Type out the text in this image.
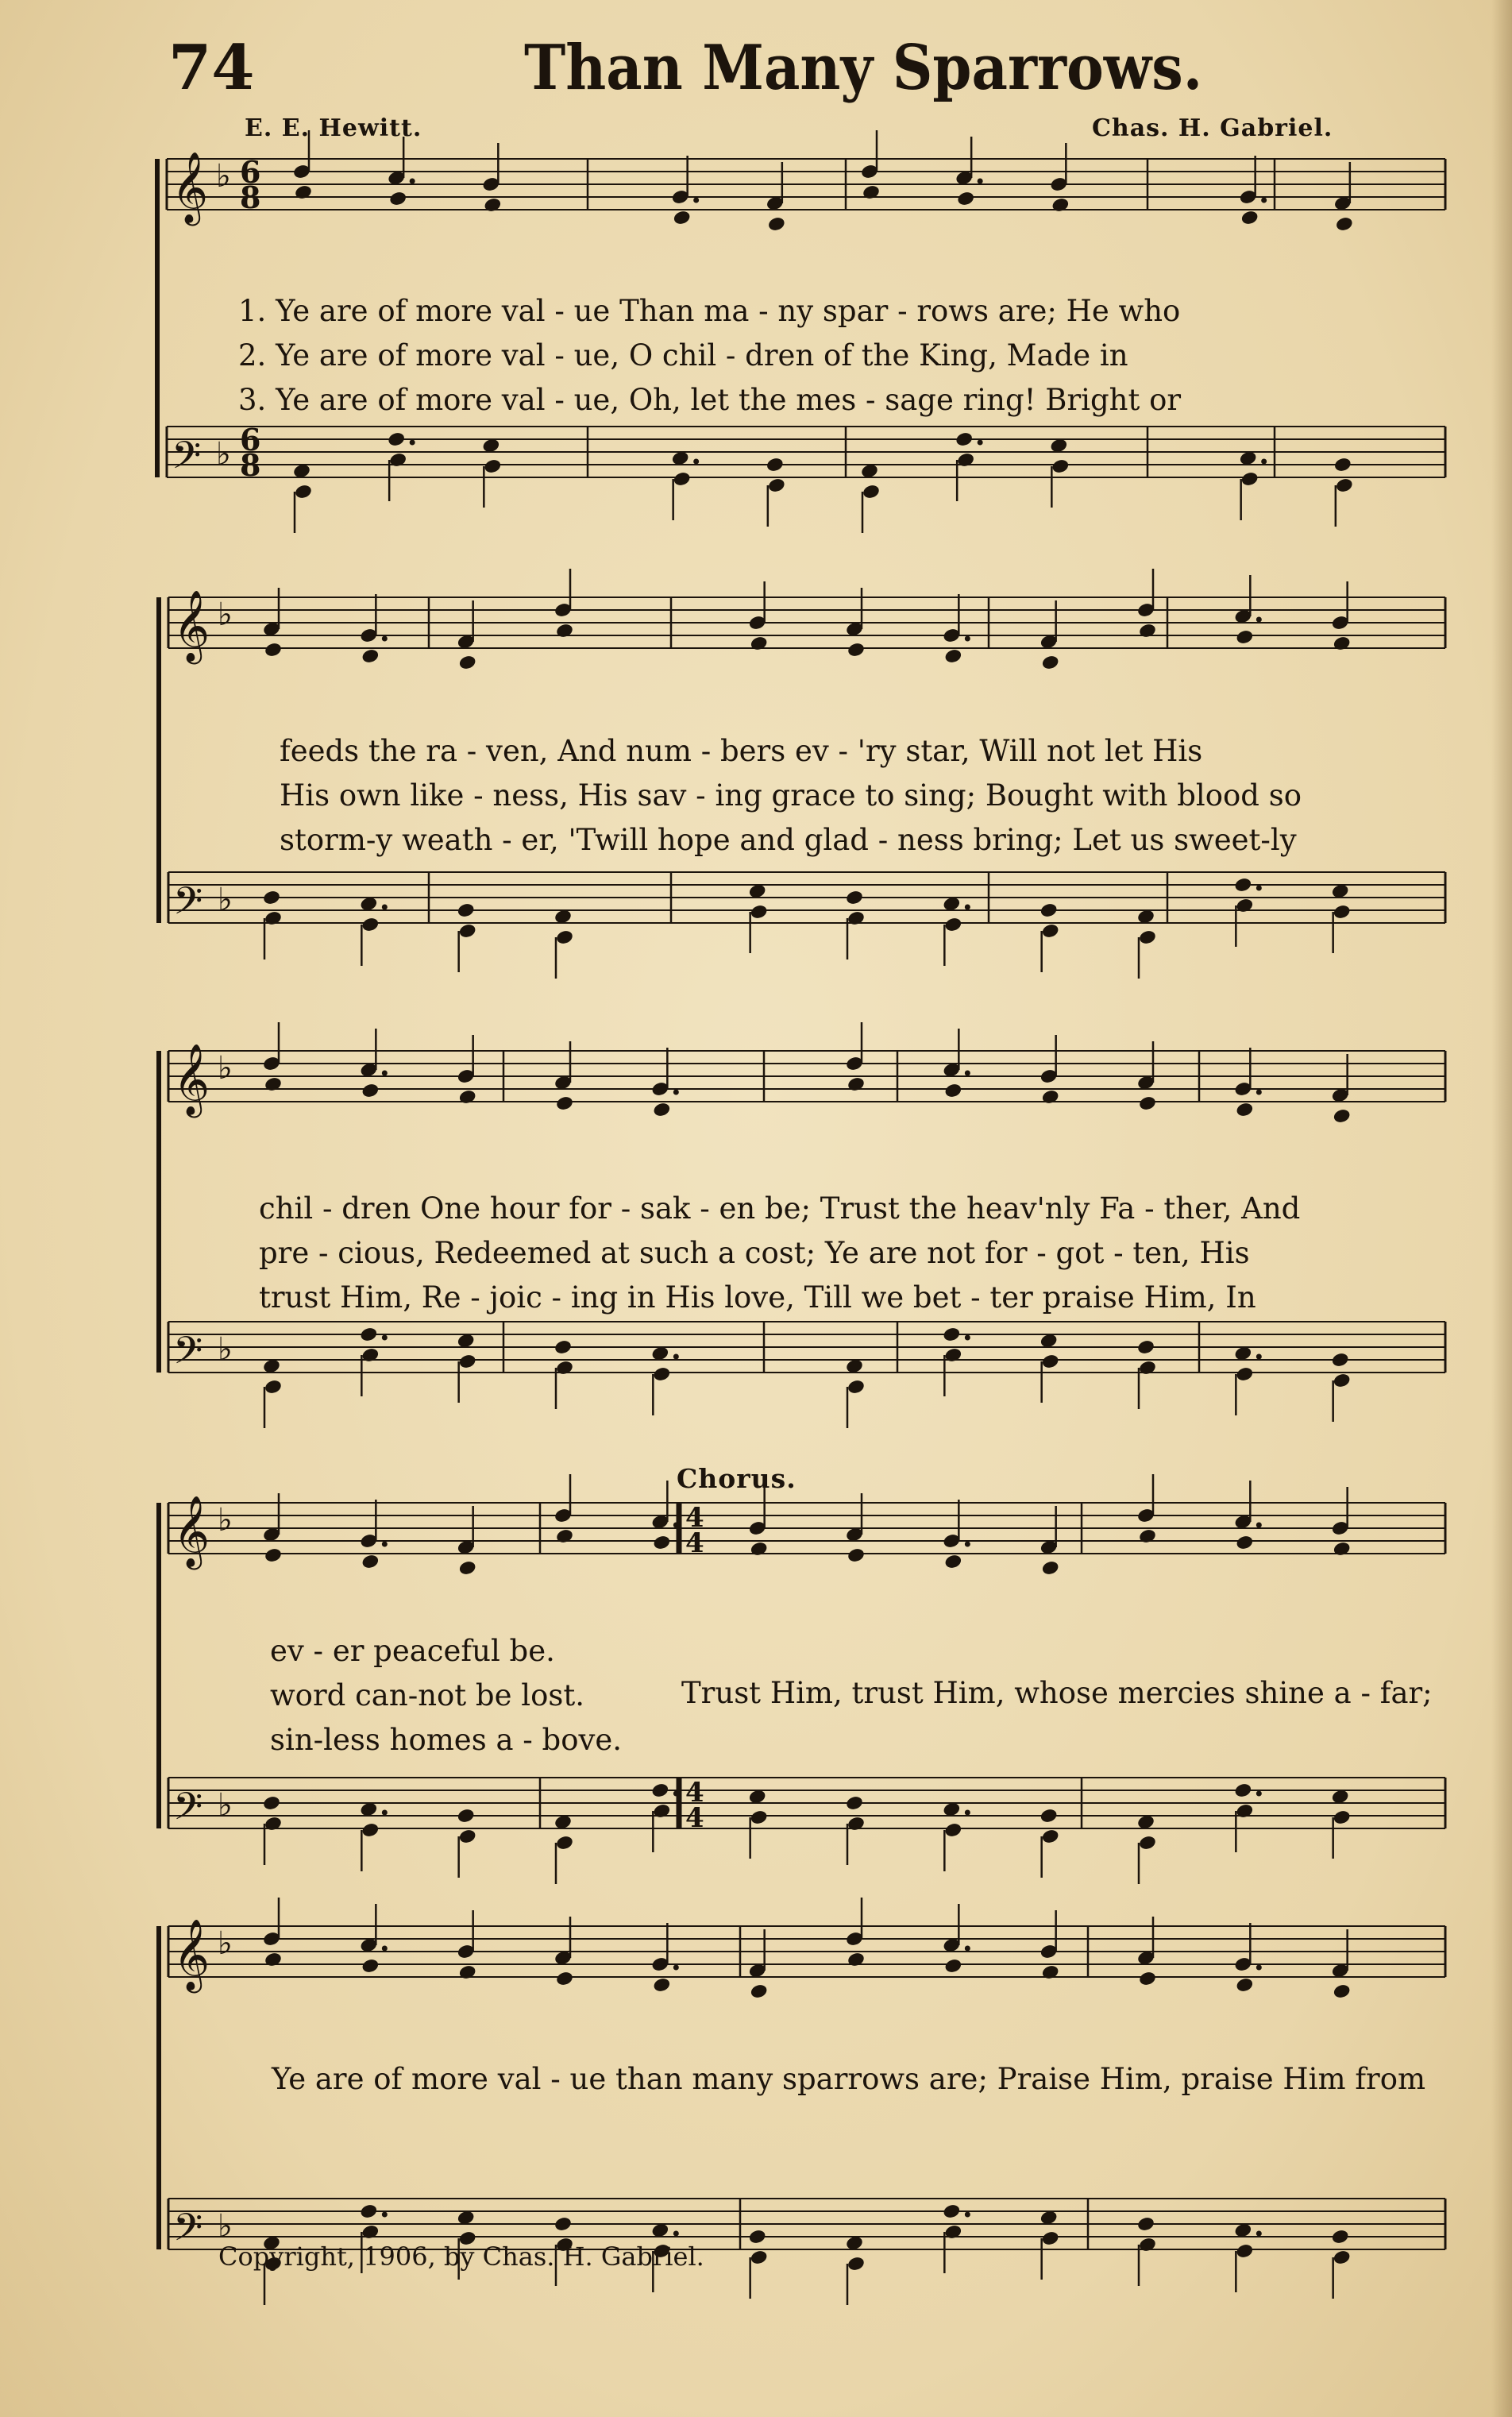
74	Than Many Sparrows.
E. E. Hewitt.	Chas. H. Gabriel.
𝄞 ♭ 6
8
𝄢 ♭ 6
8
𝄞 ♭
𝄢 ♭
𝄞 ♭
𝄢 ♭
𝄞 ♭	4
4
𝄢 ♭	4
4
𝄞 ♭
𝄢 ♭
1. Ye are of more val - ue Than ma - ny spar - rows are; He who
2. Ye are of more val - ue, O chil - dren of the King, Made in
3. Ye are of more val - ue, Oh, let the mes - sage ring! Bright or
feeds the ra - ven, And num - bers ev - 'ry star, Will not let His
His own like - ness, His sav - ing grace to sing; Bought with blood so
storm-y weath - er, 'Twill hope and glad - ness bring; Let us sweet-ly
chil - dren One hour for - sak - en be; Trust the heav'nly Fa - ther, And
pre - cious, Redeemed at such a cost; Ye are not for - got - ten, His
trust Him, Re - joic - ing in His love, Till we bet - ter praise Him, In
Chorus.
ev - er peaceful be.
word can-not be lost.
sin-less homes a - bove.
Trust Him, trust Him, whose mercies shine a - far;
Ye are of more val - ue than many sparrows are; Praise Him, praise Him from
Copyright, 1906, by Chas. H. Gabriel.
